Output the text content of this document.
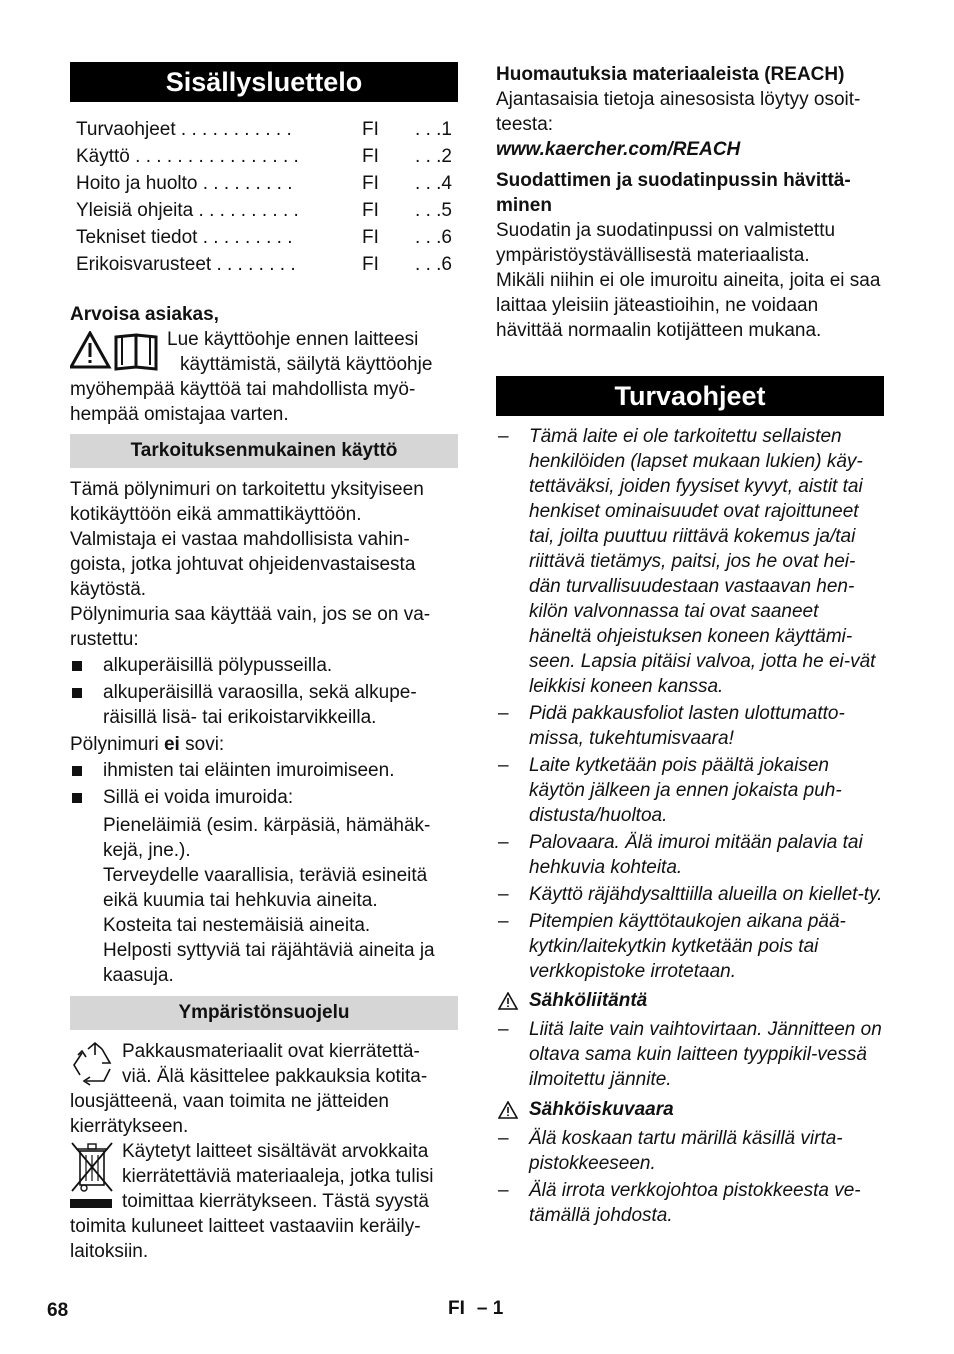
Sisällysluettelo
Turvaohjeet . . . . . . . . . . .	FI	. . .1
Käyttö . . . . . . . . . . . . . . . .	FI	. . .2
Hoito ja huolto . . . . . . . . .	FI	. . .4
Yleisiä ohjeita . . . . . . . . . .	FI	. . .5
Tekniset tiedot . . . . . . . . .	FI	. . .6
Erikoisvarusteet . . . . . . . .	FI	. . .6

Arvoisa asiakas,

Lue käyttöohje ennen laitteesi

käyttämistä, säilytä käyttöohje

myöhempää käyttöä tai mahdollista myö-hempää omistajaa varten.

Tarkoituksenmukainen käyttö

Tämä pölynimuri on tarkoitettu yksityiseen kotikäyttöön eikä ammattikäyttöön.

Valmistaja ei vastaa mahdollisista vahin-goista, jotka johtuvat ohjeidenvastaisesta käytöstä.

Pölynimuria saa käyttää vain, jos se on va-rustettu:

alkuperäisillä pölypusseilla.
alkuperäisillä varaosilla, sekä alkupe-räisillä lisä- tai erikoistarvikkeilla.

Pölynimuri ei sovi:

ihmisten tai eläinten imuroimiseen.
Sillä ei voida imuroida:

Pieneläimiä (esim. kärpäsiä, hämähäk-kejä, jne.).

Terveydelle vaarallisia, teräviä esineitä eikä kuumia tai hehkuvia aineita.

Kosteita tai nestemäisiä aineita.

Helposti syttyviä tai räjähtäviä aineita ja kaasuja.

Ympäristönsuojelu

Pakkausmateriaalit ovat kierrätettä-

viä. Älä käsittelee pakkauksia kotita-

lousjätteenä, vaan toimita ne jätteiden kierrätykseen.

Käytetyt laitteet sisältävät arvokkaita

kierrätettäviä materiaaleja, jotka tulisi

toimittaa kierrätykseen. Tästä syystä

toimita kuluneet laitteet vastaaviin keräily-laitoksiin.

Huomautuksia materiaaleista (REACH)

Ajantasaisia tietoja ainesosista löytyy osoit-teesta:

www.kaercher.com/REACH

Suodattimen ja suodatinpussin hävittä-minen

Suodatin ja suodatinpussi on valmistettu ympäristöystävällisestä materiaalista.

Mikäli niihin ei ole imuroitu aineita, joita ei saa laittaa yleisiin jäteastioihin, ne voidaan hävittää normaalin kotijätteen mukana.

Turvaohjeet
– Tämä laite ei ole tarkoitettu sellaisten henkilöiden (lapset mukaan lukien) käy-tettäväksi, joiden fyysiset kyvyt, aistit tai henkiset ominaisuudet ovat rajoittuneet tai, joilta puuttuu riittävä kokemus ja/tai riittävä tietämys, paitsi, jos he ovat hei-dän turvallisuudestaan vastaavan hen-kilön valvonnassa tai ovat saaneet häneltä ohjeistuksen koneen käyttämi-seen. Lapsia pitäisi valvoa, jotta he ei-vät leikkisi koneen kanssa.
– Pidä pakkausfoliot lasten ulottumatto-missa, tukehtumisvaara!
– Laite kytketään pois päältä jokaisen käytön jälkeen ja ennen jokaista puh-distusta/huoltoa.
– Palovaara. Älä imuroi mitään palavia tai hehkuvia kohteita.
– Käyttö räjähdysalttiilla alueilla on kiellet-ty.
– Pitempien käyttötaukojen aikana pää-kytkin/laitekytkin kytketään pois tai verkkopistoke irrotetaan.
Sähköliitäntä
– Liitä laite vain vaihtovirtaan. Jännitteen on oltava sama kuin laitteen tyyppikil-vessä ilmoitettu jännite.
Sähköiskuvaara
– Älä koskaan tartu märillä käsillä virta-pistokkeeseen.
– Älä irrota verkkojohtoa pistokkeesta ve-tämällä johdosta.
68	FI – 1
